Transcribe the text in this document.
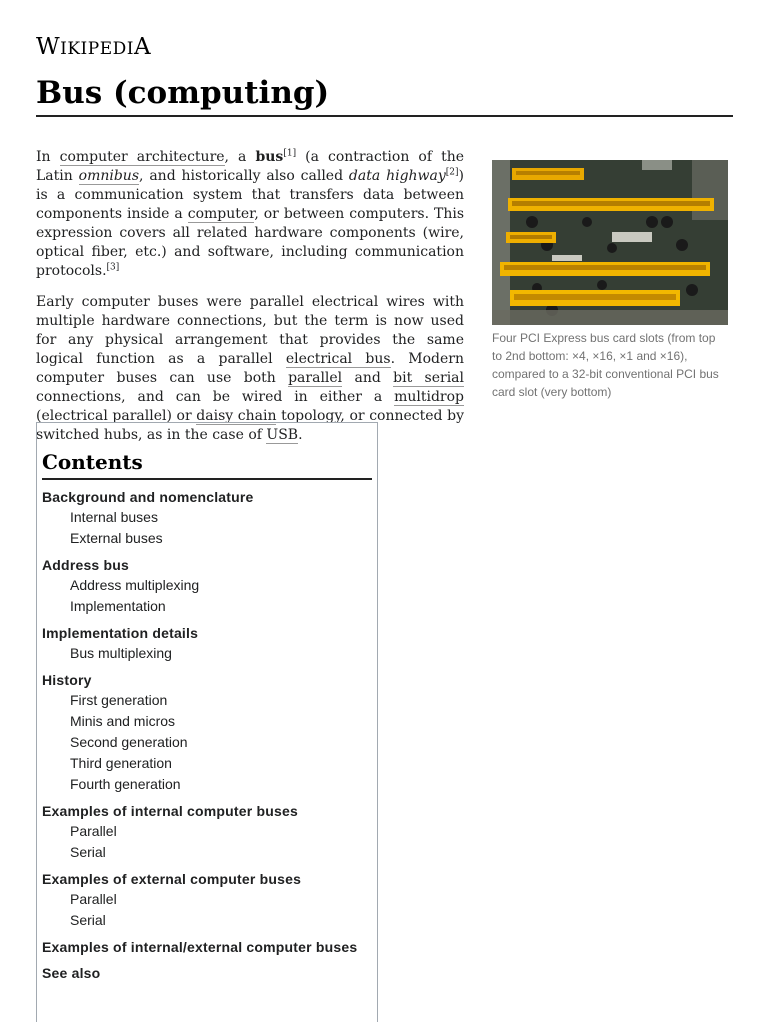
WIKIPEDIA
Bus (computing)

In computer architecture, a bus[1] (a contraction of the Latin omnibus, and historically also called data highway[2]) is a communication system that transfers data between components inside a computer, or between computers. This expression covers all related hardware components (wire, optical fiber, etc.) and software, including communication protocols.[3]

Early computer buses were parallel electrical wires with multiple hardware connections, but the term is now used for any physical arrangement that provides the same logical function as a parallel electrical bus. Modern computer buses can use both parallel and bit serial connections, and can be wired in either a multidrop (electrical parallel) or daisy chain topology, or connected by switched hubs, as in the case of USB.

Four PCI Express bus card slots (from top to 2nd bottom: ×4, ×16, ×1 and ×16), compared to a 32-bit conventional PCI bus card slot (very bottom)
Contents
Background and nomenclature
Internal buses
External buses
Address bus
Address multiplexing
Implementation
Implementation details
Bus multiplexing
History
First generation
Minis and micros
Second generation
Third generation
Fourth generation
Examples of internal computer buses
Parallel
Serial
Examples of external computer buses
Parallel
Serial
Examples of internal/external computer buses
See also
